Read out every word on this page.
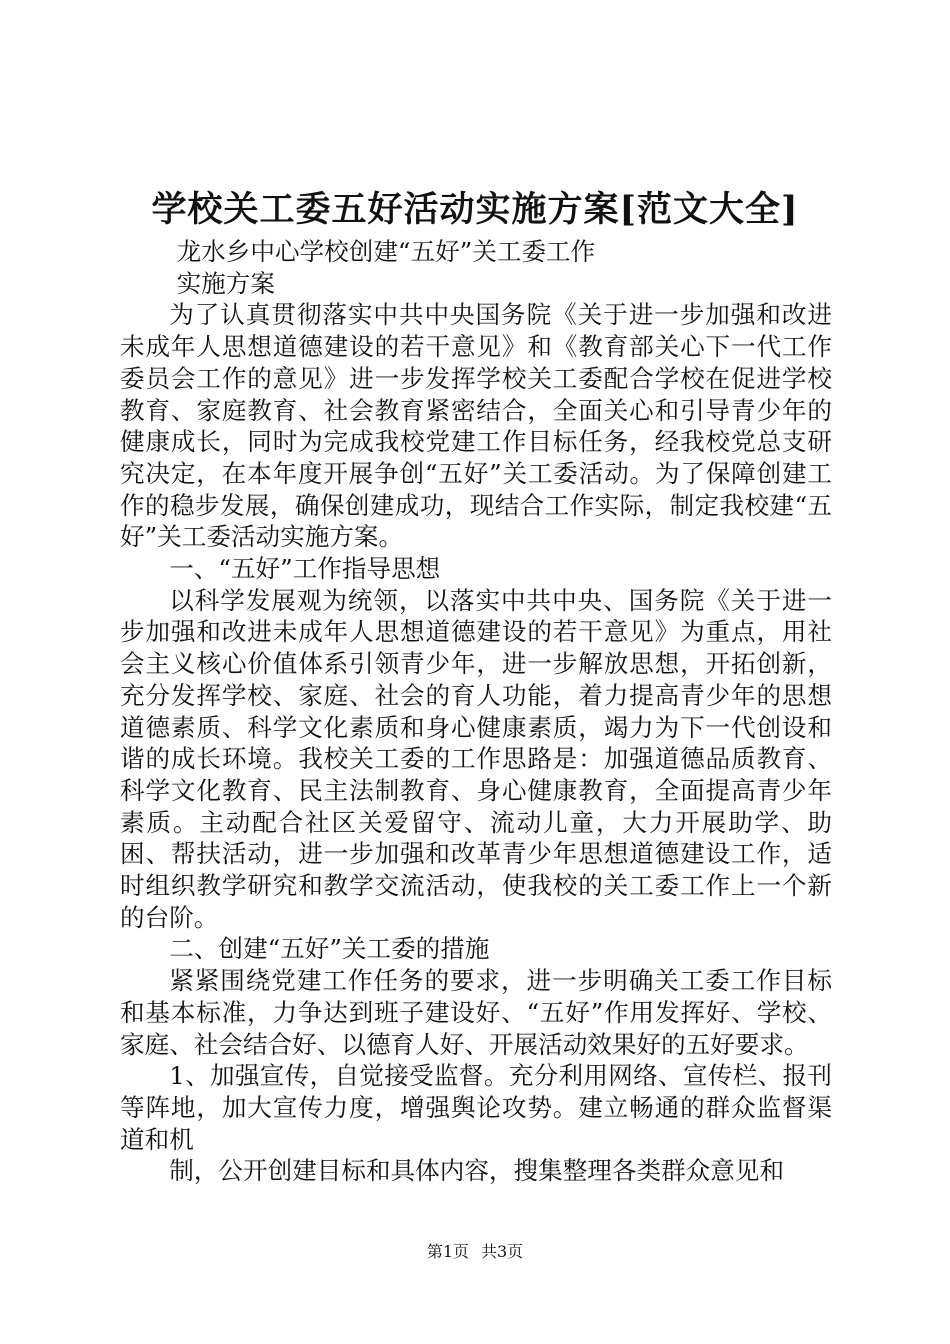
学校关工委五好活动实施方案[范文大全]

龙水乡中心学校创建“五好”关工委工作

实施方案

为了认真贯彻落实中共中央国务院《关于进一步加强和改进未成年人思想道德建设的若干意见》和《教育部关心下一代工作委员会工作的意见》进一步发挥学校关工委配合学校在促进学校教育、家庭教育、社会教育紧密结合，全面关心和引导青少年的健康成长，同时为完成我校党建工作目标任务，经我校党总支研究决定，在本年度开展争创“五好”关工委活动。为了保障创建工作的稳步发展，确保创建成功，现结合工作实际，制定我校建“五好”关工委活动实施方案。

一、“五好”工作指导思想

以科学发展观为统领，以落实中共中央、国务院《关于进一步加强和改进未成年人思想道德建设的若干意见》为重点，用社会主义核心价值体系引领青少年，进一步解放思想，开拓创新，充分发挥学校、家庭、社会的育人功能，着力提高青少年的思想道德素质、科学文化素质和身心健康素质，竭力为下一代创设和谐的成长环境。我校关工委的工作思路是：加强道德品质教育、科学文化教育、民主法制教育、身心健康教育，全面提高青少年素质。主动配合社区关爱留守、流动儿童，大力开展助学、助困、帮扶活动，进一步加强和改革青少年思想道德建设工作，适时组织教学研究和教学交流活动，使我校的关工委工作上一个新的台阶。

二、创建“五好”关工委的措施

紧紧围绕党建工作任务的要求，进一步明确关工委工作目标和基本标准，力争达到班子建设好、“五好”作用发挥好、学校、家庭、社会结合好、以德育人好、开展活动效果好的五好要求。

1、加强宣传，自觉接受监督。充分利用网络、宣传栏、报刊等阵地，加大宣传力度，增强舆论攻势。建立畅通的群众监督渠道和机

制，公开创建目标和具体内容，搜集整理各类群众意见和

第1页 共3页
